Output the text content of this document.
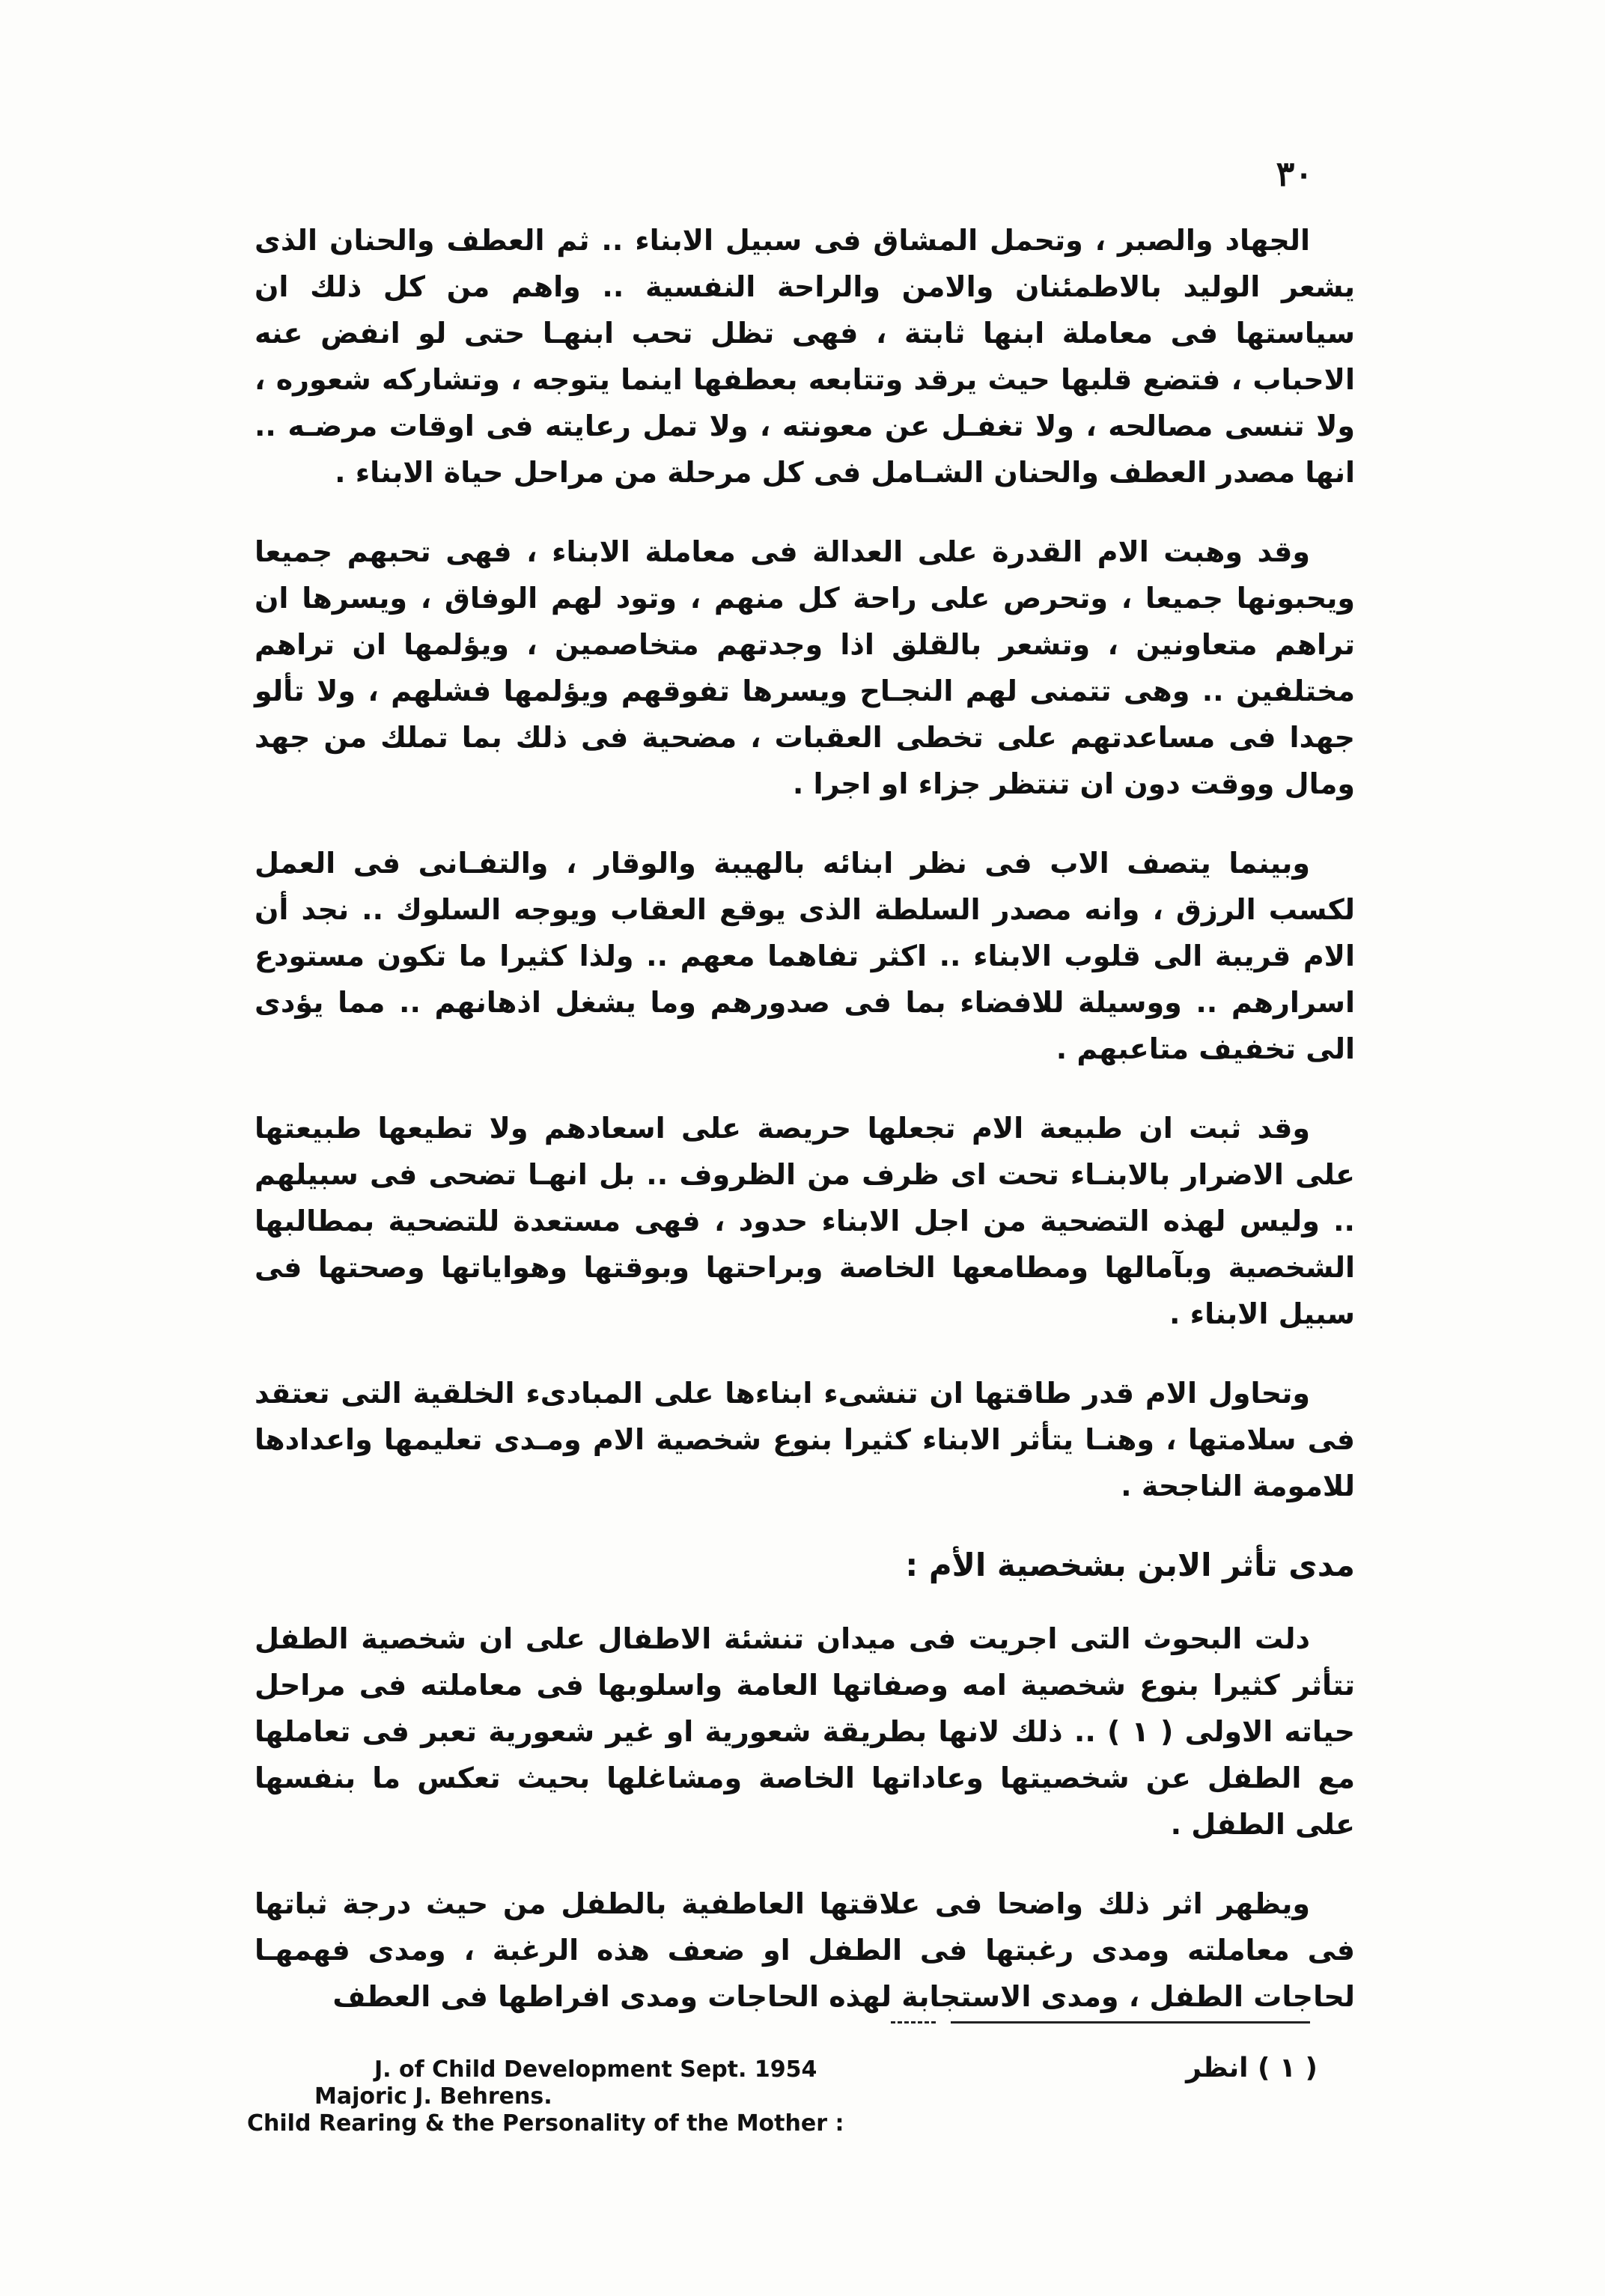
٣٠

الجهاد والصبر ، وتحمل المشاق فى سبيل الابناء .. ثم العطف والحنان الذى يشعر الوليد بالاطمئنان والامن والراحة النفسية .. واهم من كل ذلك ان سياستها فى معاملة ابنها ثابتة ، فهى تظل تحب ابنهـا حتى لو انفض عنه الاحباب ، فتضع قلبها حيث يرقد وتتابعه بعطفها اينما يتوجه ، وتشاركه شعوره ، ولا تنسى مصالحه ، ولا تغفـل عن معونته ، ولا تمل رعايته فى اوقات مرضـه .. انها مصدر العطف والحنان الشـامل فى كل مرحلة من مراحل حياة الابناء .

وقد وهبت الام القدرة على العدالة فى معاملة الابناء ، فهى تحبهم جميعا ويحبونها جميعا ، وتحرص على راحة كل منهم ، وتود لهم الوفاق ، ويسرها ان تراهم متعاونين ، وتشعر بالقلق اذا وجدتهم متخاصمين ، ويؤلمها ان تراهم مختلفين .. وهى تتمنى لهم النجـاح ويسرها تفوقهم ويؤلمها فشلهم ، ولا تألو جهدا فى مساعدتهم على تخطى العقبات ، مضحية فى ذلك بما تملك من جهد ومال ووقت دون ان تنتظر جزاء او اجرا .

وبينما يتصف الاب فى نظر ابنائه بالهيبة والوقار ، والتفـانى فى العمل لكسب الرزق ، وانه مصدر السلطة الذى يوقع العقاب ويوجه السلوك .. نجد أن الام قريبة الى قلوب الابناء .. اكثر تفاهما معهم .. ولذا كثيرا ما تكون مستودع اسرارهم .. ووسيلة للافضاء بما فى صدورهم وما يشغل اذهانهم .. مما يؤدى الى تخفيف متاعبهم .

وقد ثبت ان طبيعة الام تجعلها حريصة على اسعادهم ولا تطيعها طبيعتها على الاضرار بالابنـاء تحت اى ظرف من الظروف .. بل انهـا تضحى فى سبيلهم .. وليس لهذه التضحية من اجل الابناء حدود ، فهى مستعدة للتضحية بمطالبها الشخصية وبآمالها ومطامعها الخاصة وبراحتها وبوقتها وهواياتها وصحتها فى سبيل الابناء .

وتحاول الام قدر طاقتها ان تنشىء ابناءها على المبادىء الخلقية التى تعتقد فى سلامتها ، وهنـا يتأثر الابناء كثيرا بنوع شخصية الام ومـدى تعليمها واعدادها للامومة الناجحة .

مدى تأثر الابن بشخصية الأم :

دلت البحوث التى اجريت فى ميدان تنشئة الاطفال على ان شخصية الطفل تتأثر كثيرا بنوع شخصية امه وصفاتها العامة واسلوبها فى معاملته فى مراحل حياته الاولى ( ١ ) .. ذلك لانها بطريقة شعورية او غير شعورية تعبر فى تعاملها مع الطفل عن شخصيتها وعاداتها الخاصة ومشاغلها بحيث تعكس ما بنفسها على الطفل .

ويظهر اثر ذلك واضحا فى علاقتها العاطفية بالطفل من حيث درجة ثباتها فى معاملته ومدى رغبتها فى الطفل او ضعف هذه الرغبة ، ومدى فهمهـا لحاجات الطفل ، ومدى الاستجابة لهذه الحاجات ومدى افراطها فى العطف

J. of Child Development Sept. 1954	( ١ ) انظر
Majoric J. Behrens.
Child Rearing & the Personality of the Mother :
